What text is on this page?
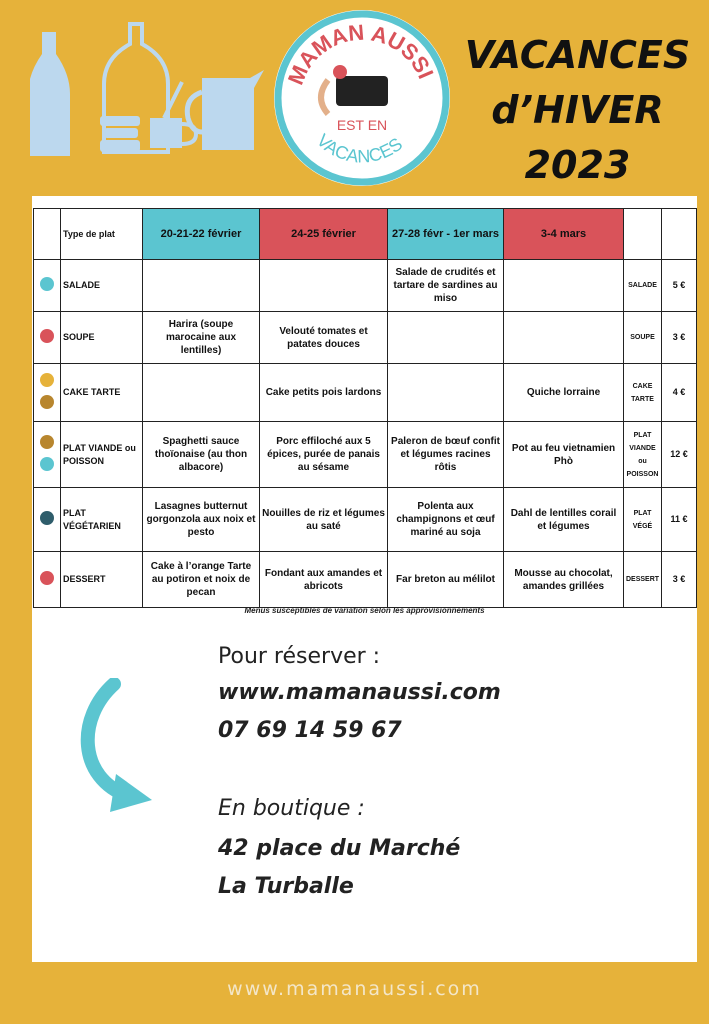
MAMAN AUSSI
EST EN
VACANCES
VACANCES
d’HIVER
2023
	Type de plat	20-21-22 février	24-25 février	27-28 févr - 1er mars	3-4 mars		
	SALADE			Salade de crudités et tartare de sardines au miso		SALADE	5 €
	SOUPE	Harira (soupe marocaine aux lentilles)	Velouté tomates et patates douces			SOUPE	3 €

	CAKE TARTE		Cake petits pois lardons		Quiche lorraine	CAKE TARTE	4 €

	PLAT VIANDE ou POISSON	Spaghetti sauce thoïonaise (au thon albacore)	Porc effiloché aux 5 épices, purée de panais au sésame	Paleron de bœuf confit et légumes racines rôtis	Pot au feu vietnamien Phò	PLAT VIANDE ou POISSON	12 €
	PLAT VÉGÉTARIEN	Lasagnes butternut gorgonzola aux noix et pesto	Nouilles de riz et légumes au saté	Polenta aux champignons et œuf mariné au soja	Dahl de lentilles corail et légumes	PLAT VÉGÉ	11 €
	DESSERT	Cake à l’orange Tarte au potiron et noix de pecan	Fondant aux amandes et abricots	Far breton au mélilot	Mousse au chocolat, amandes grillées	DESSERT	3 €
Menus susceptibles de variation selon les approvisionnements
Pour réserver :
www.mamanaussi.com
07 69 14 59 67
En boutique :
42 place du Marché
La Turballe
www.mamanaussi.com
